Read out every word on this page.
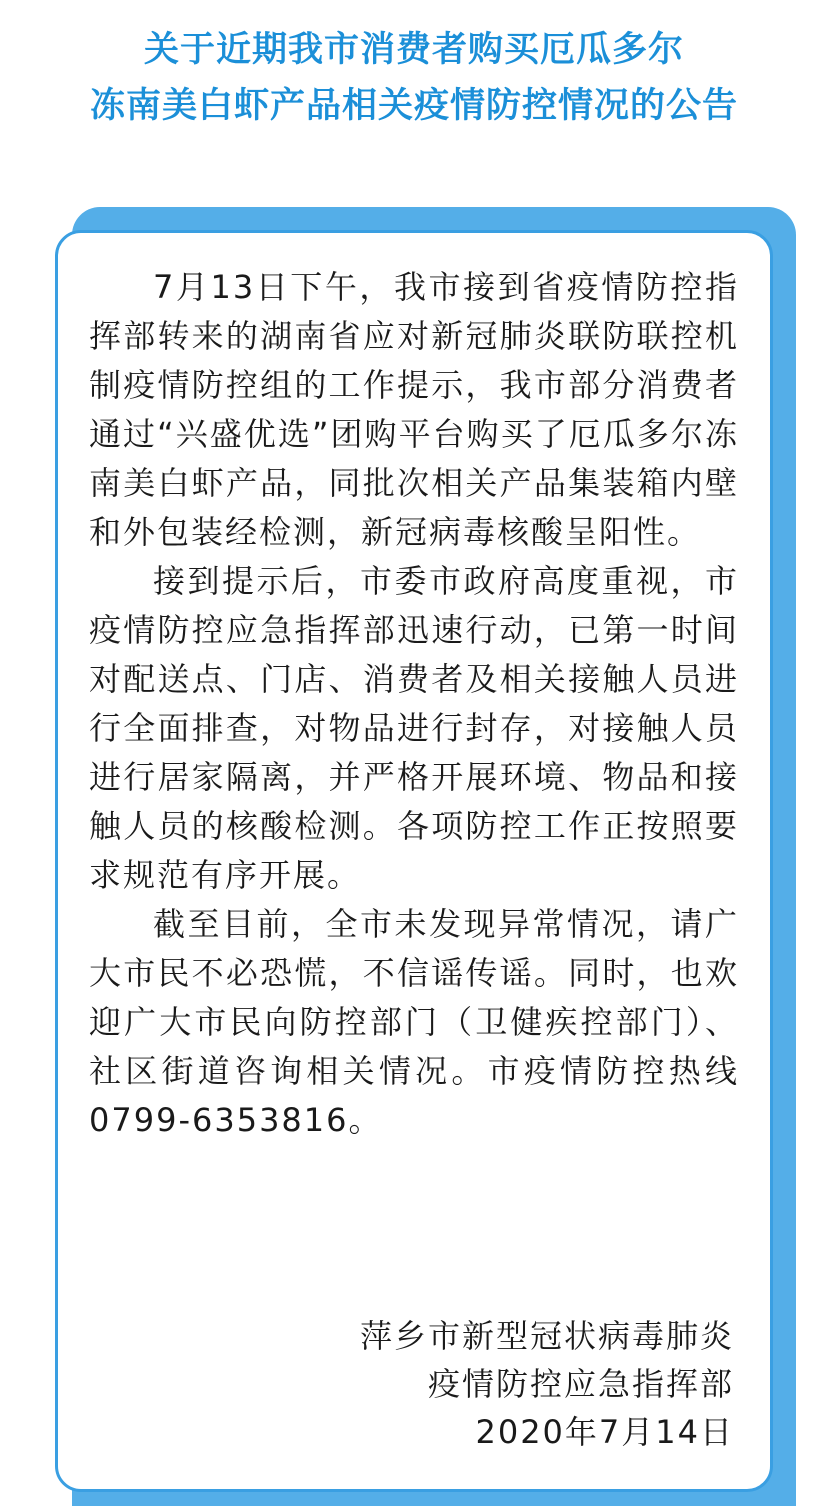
关于近期我市消费者购买厄瓜多尔
冻南美白虾产品相关疫情防控情况的公告

7月13日下午，我市接到省疫情防控指挥部转来的湖南省应对新冠肺炎联防联控机制疫情防控组的工作提示，我市部分消费者通过“兴盛优选”团购平台购买了厄瓜多尔冻南美白虾产品，同批次相关产品集装箱内壁和外包装经检测，新冠病毒核酸呈阳性。

接到提示后，市委市政府高度重视，市疫情防控应急指挥部迅速行动，已第一时间对配送点、门店、消费者及相关接触人员进行全面排查，对物品进行封存，对接触人员进行居家隔离，并严格开展环境、物品和接触人员的核酸检测。各项防控工作正按照要求规范有序开展。

截至目前，全市未发现异常情况，请广大市民不必恐慌，不信谣传谣。同时，也欢迎广大市民向防控部门（卫健疾控部门）、社区街道咨询相关情况。市疫情防控热线0799-6353816。

萍乡市新型冠状病毒肺炎
疫情防控应急指挥部
2020年7月14日
